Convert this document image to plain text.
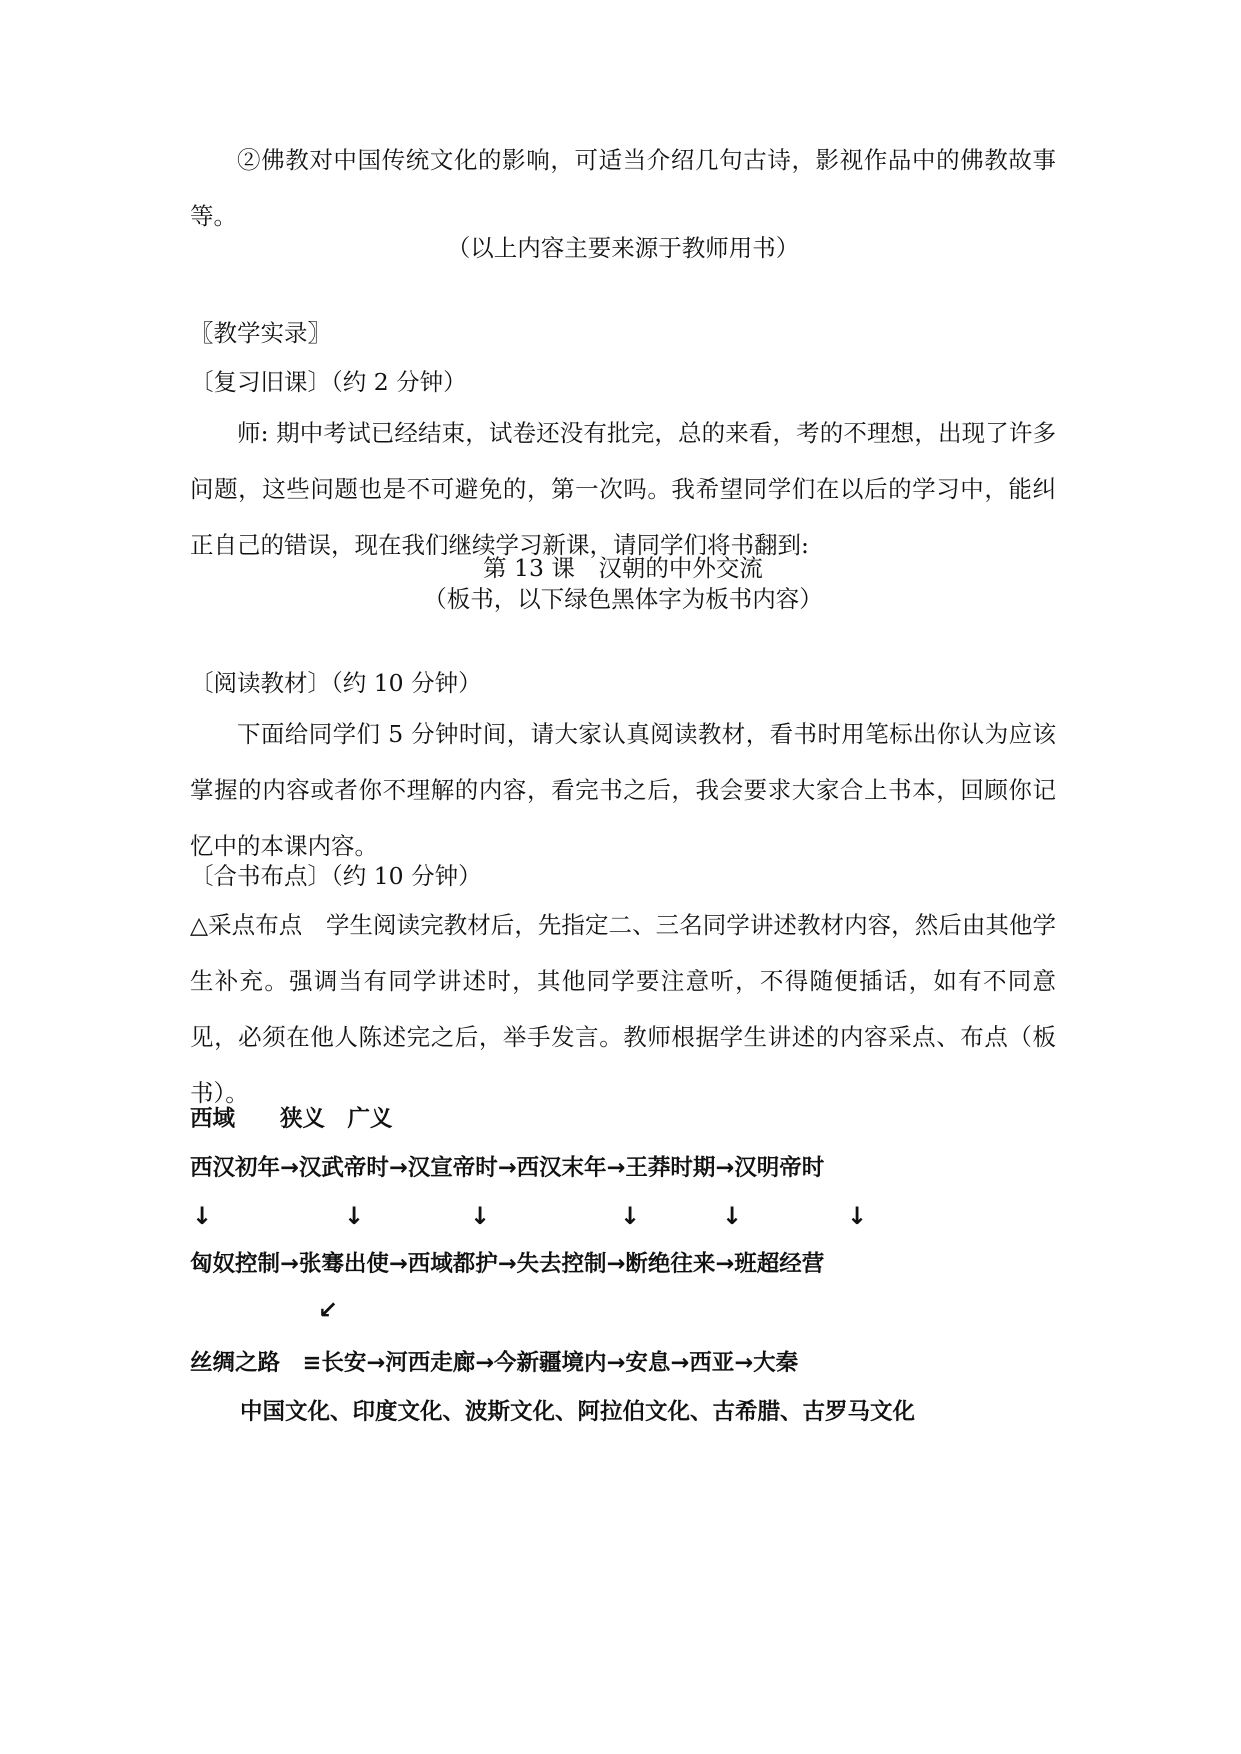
②佛教对中国传统文化的影响，可适当介绍几句古诗，影视作品中的佛教故事等。
（以上内容主要来源于教师用书）
〖教学实录〗
〔复习旧课〕（约 2 分钟）
师: 期中考试已经结束，试卷还没有批完，总的来看，考的不理想，出现了许多问题，这些问题也是不可避免的，第一次吗。我希望同学们在以后的学习中，能纠正自己的错误，现在我们继续学习新课，请同学们将书翻到:
第 13 课　汉朝的中外交流
（板书，以下绿色黑体字为板书内容）
〔阅读教材〕（约 10 分钟）
下面给同学们 5 分钟时间，请大家认真阅读教材，看书时用笔标出你认为应该掌握的内容或者你不理解的内容，看完书之后，我会要求大家合上书本，回顾你记忆中的本课内容。
〔合书布点〕（约 10 分钟）
△采点布点　学生阅读完教材后，先指定二、三名同学讲述教材内容，然后由其他学生补充。强调当有同学讲述时，其他同学要注意听，不得随便插话，如有不同意见，必须在他人陈述完之后，举手发言。教师根据学生讲述的内容采点、布点（板书）。
西域　　狭义　广义
西汉初年→汉武帝时→汉宣帝时→西汉末年→王莽时期→汉明帝时
↓	↓	↓	↓	↓	↓
匈奴控制→张骞出使→西域都护→失去控制→断绝往来→班超经营
↙
丝绸之路　≡长安→河西走廊→今新疆境内→安息→西亚→大秦
中国文化、印度文化、波斯文化、阿拉伯文化、古希腊、古罗马文化
